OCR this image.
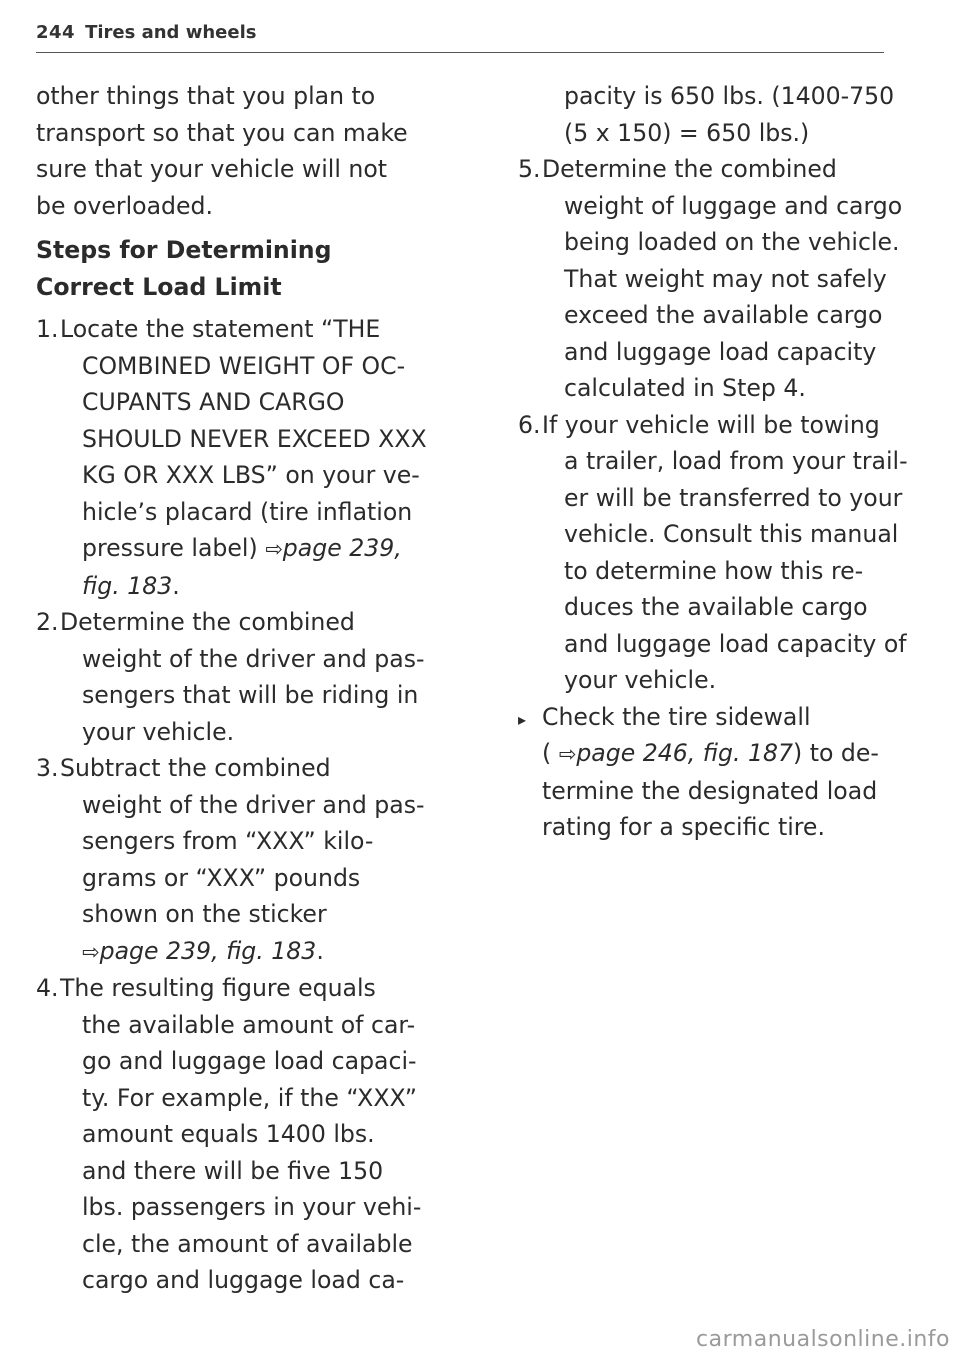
244 Tires and wheels
other things that you plan to
transport so that you can make
sure that your vehicle will not
be overloaded.
Steps for Determining
Correct Load Limit
1. Locate the statement “THE
COMBINED WEIGHT OF OC-
CUPANTS AND CARGO
SHOULD NEVER EXCEED XXX
KG OR XXX LBS” on your ve-
hicle’s placard (tire inflation
pressure label) ⇨page 239,
fig. 183.
2. Determine the combined
weight of the driver and pas-
sengers that will be riding in
your vehicle.
3. Subtract the combined
weight of the driver and pas-
sengers from “XXX” kilo-
grams or “XXX” pounds
shown on the sticker
⇨page 239, fig. 183.
4. The resulting figure equals
the available amount of car-
go and luggage load capaci-
ty. For example, if the “XXX”
amount equals 1400 lbs.
and there will be five 150
lbs. passengers in your vehi-
cle, the amount of available
cargo and luggage load ca-
pacity is 650 lbs. (1400-750
(5 x 150) = 650 lbs.)
5. Determine the combined
weight of luggage and cargo
being loaded on the vehicle.
That weight may not safely
exceed the available cargo
and luggage load capacity
calculated in Step 4.
6. If your vehicle will be towing
a trailer, load from your trail-
er will be transferred to your
vehicle. Consult this manual
to determine how this re-
duces the available cargo
and luggage load capacity of
your vehicle.
▸ Check the tire sidewall
( ⇨page 246, fig. 187) to de-
termine the designated load
rating for a specific tire.
carmanualsonline.info
